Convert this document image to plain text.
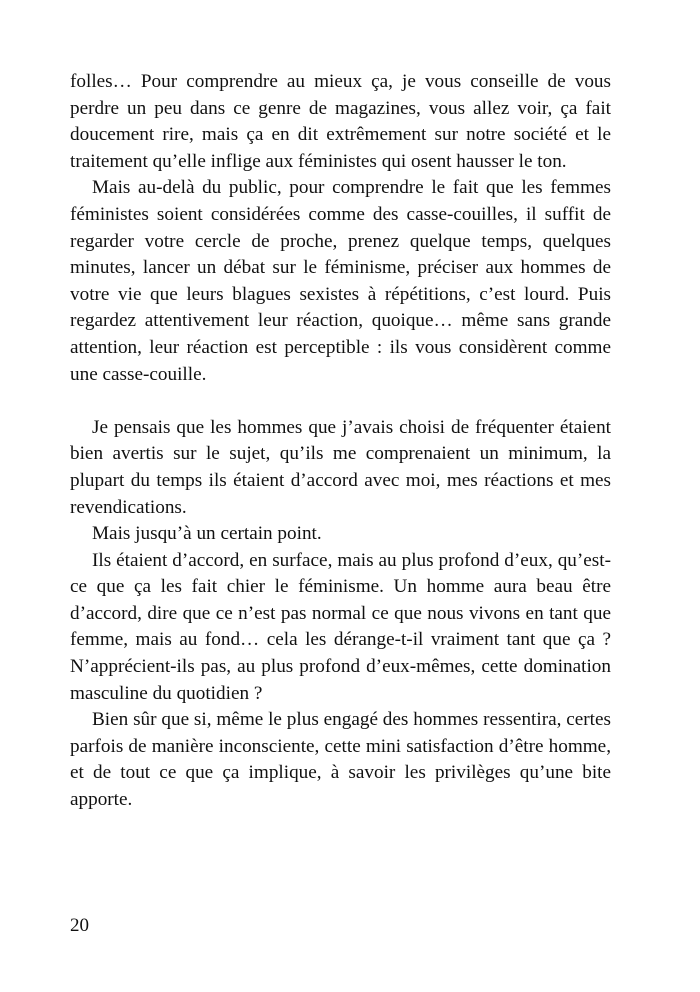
folles… Pour comprendre au mieux ça, je vous conseille de vous perdre un peu dans ce genre de magazines, vous allez voir, ça fait doucement rire, mais ça en dit extrêmement sur notre société et le traitement qu’elle inflige aux féministes qui osent hausser le ton.

Mais au-delà du public, pour comprendre le fait que les femmes féministes soient considérées comme des casse-couilles, il suffit de regarder votre cercle de proche, prenez quelque temps, quelques minutes, lancer un débat sur le féminisme, préciser aux hommes de votre vie que leurs blagues sexistes à répétitions, c’est lourd. Puis regardez attentivement leur réaction, quoique… même sans grande attention, leur réaction est perceptible : ils vous considèrent comme une casse-couille.

Je pensais que les hommes que j’avais choisi de fréquenter étaient bien avertis sur le sujet, qu’ils me comprenaient un minimum, la plupart du temps ils étaient d’accord avec moi, mes réactions et mes revendications.

Mais jusqu’à un certain point.

Ils étaient d’accord, en surface, mais au plus profond d’eux, qu’est-ce que ça les fait chier le féminisme. Un homme aura beau être d’accord, dire que ce n’est pas normal ce que nous vivons en tant que femme, mais au fond… cela les dérange-t-il vraiment tant que ça ? N’apprécient-ils pas, au plus profond d’eux-mêmes, cette domination masculine du quotidien ?

Bien sûr que si, même le plus engagé des hommes ressentira, certes parfois de manière inconsciente, cette mini satisfaction d’être homme, et de tout ce que ça implique, à savoir les privilèges qu’une bite apporte.

20
